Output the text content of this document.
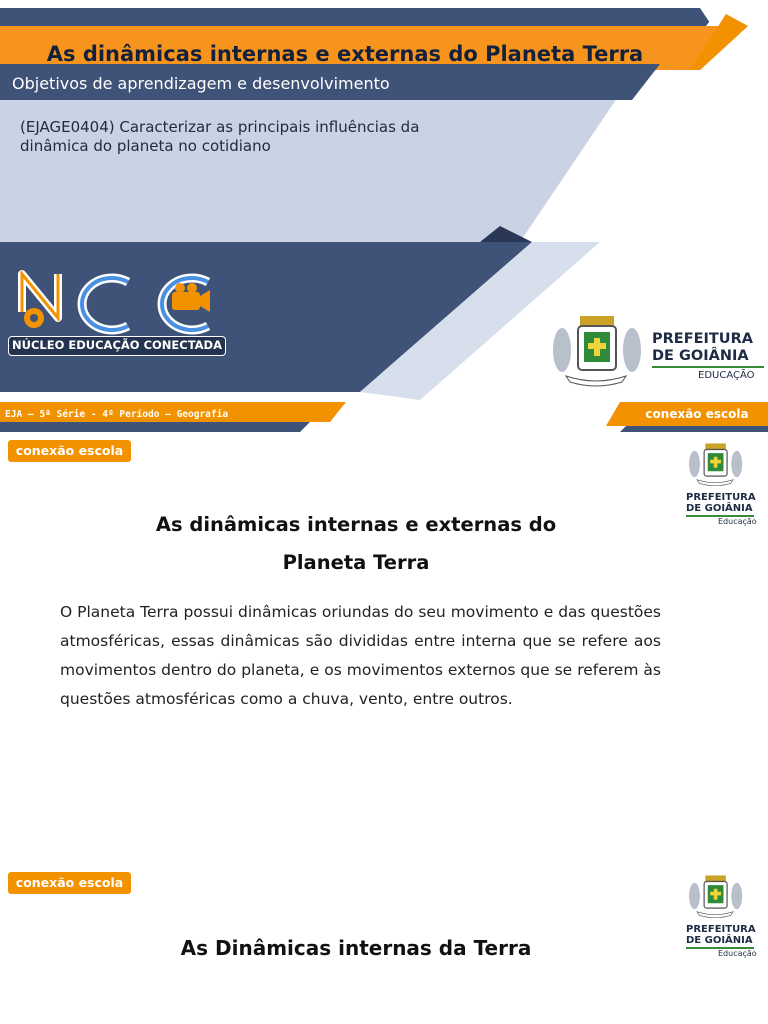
As dinâmicas internas e externas do Planeta Terra
Objetivos de aprendizagem e desenvolvimento
(EJAGE0404) Caracterizar as principais influências da dinâmica do planeta no cotidiano
NÚCLEO EDUCAÇÃO CONECTADA
EJA – 5ª Série - 4º Período – Geografia
PREFEITURA
DE GOIÂNIA
EDUCAÇÃO
conexão escola
conexão escola
PREFEITURA
DE GOIÂNIA
Educação
As dinâmicas internas e externas do
Planeta Terra

O Planeta Terra possui dinâmicas oriundas do seu movimento e das questões atmosféricas, essas dinâmicas são divididas entre interna que se refere aos movimentos dentro do planeta, e os movimentos externos que se referem às questões atmosféricas como a chuva, vento, entre outros.

conexão escola
PREFEITURA
DE GOIÂNIA
Educação
As Dinâmicas internas da Terra
